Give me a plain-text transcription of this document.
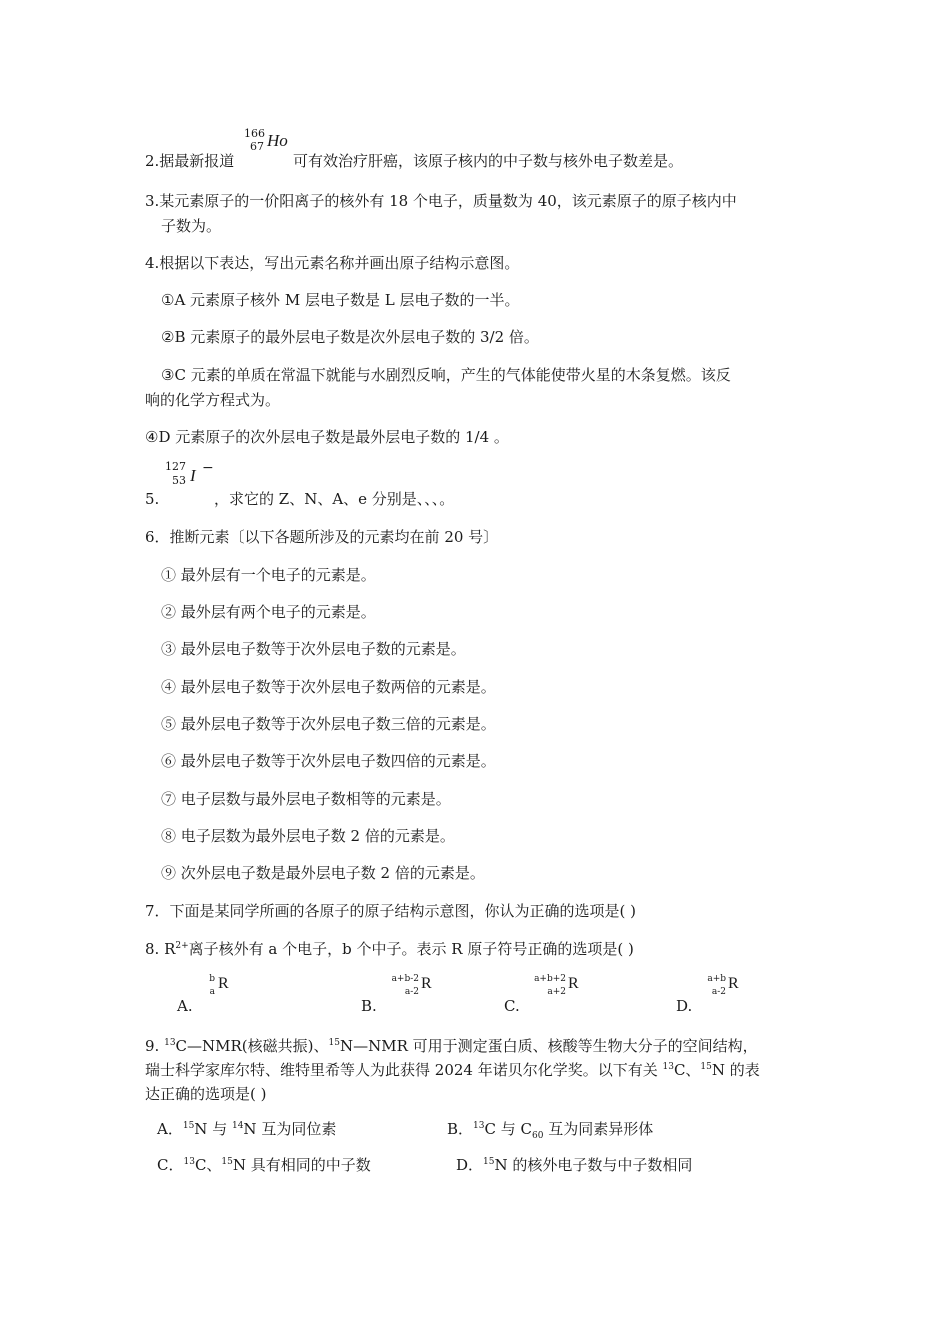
166
67 Ho
2.据最新报道	可有效治疗肝癌，该原子核内的中子数与核外电子数差是。
3.某元素原子的一价阳离子的核外有 18 个电子，质量数为 40，该元素原子的原子核内中
子数为。
4.根据以下表达，写出元素名称并画出原子结构示意图。
①A 元素原子核外 M 层电子数是 L 层电子数的一半。
②B 元素原子的最外层电子数是次外层电子数的 3/2 倍。
③C 元素的单质在常温下就能与水剧烈反响，产生的气体能使带火星的木条复燃。该反
响的化学方程式为。
④D 元素原子的次外层电子数是最外层电子数的 1/4 。
127
53 I −
5.	，求它的 Z、N、A、e 分别是、、、。
6．推断元素〔以下各题所涉及的元素均在前 20 号〕
① 最外层有一个电子的元素是。
② 最外层有两个电子的元素是。
③ 最外层电子数等于次外层电子数的元素是。
④ 最外层电子数等于次外层电子数两倍的元素是。
⑤ 最外层电子数等于次外层电子数三倍的元素是。
⑥ 最外层电子数等于次外层电子数四倍的元素是。
⑦ 电子层数与最外层电子数相等的元素是。
⑧ 电子层数为最外层电子数 2 倍的元素是。
⑨ 次外层电子数是最外层电子数 2 倍的元素是。
7．下面是某同学所画的各原子的原子结构示意图，你认为正确的选项是( )
8. $R^{2+}$离子核外有 a 个电子，b 个中子。表示 R 原子符号正确的选项是( )
A.
b
a R
B.
a+b-2
a-2 R
C.
a+b+2
a+2 R
D.
a+b
a-2 R
9. $^{13}$C—NMR(核磁共振)、$^{15}$N—NMR 可用于测定蛋白质、核酸等生物大分子的空间结构，
瑞士科学家库尔特、维特里希等人为此获得 2024 年诺贝尔化学奖。以下有关 $^{13}$C、$^{15}$N 的表
达正确的选项是( )
A．$^{15}$N 与 $^{14}$N 互为同位素	B．$^{13}$C 与 $C_{60}$ 互为同素异形体
C．$^{13}$C、$^{15}$N 具有相同的中子数	D．$^{15}$N 的核外电子数与中子数相同
